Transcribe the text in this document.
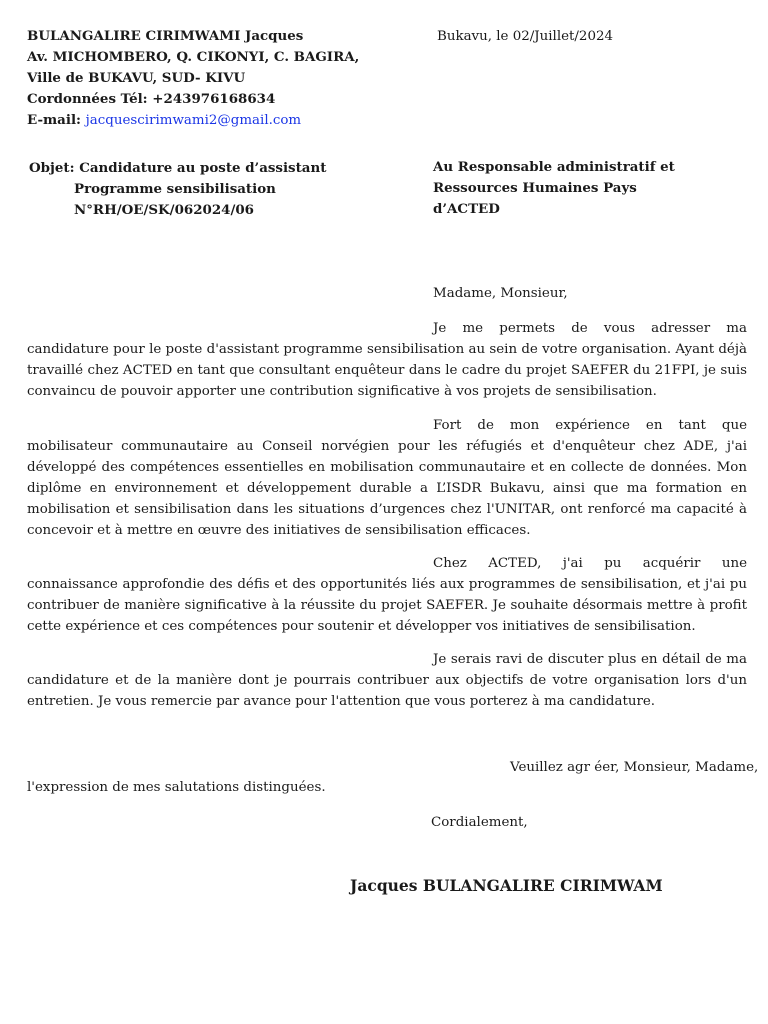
BULANGALIRE CIRIMWAMI Jacques
Av. MICHOMBERO, Q. CIKONYI, C. BAGIRA,
Ville de BUKAVU, SUD- KIVU
Cordonnées Tél: +243976168634
E-mail: jacquescirimwami2@gmail.com
Bukavu, le 02/Juillet/2024
Objet: Candidature au poste d’assistant
Programme sensibilisation
N°RH/OE/SK/062024/06
Au Responsable administratif et
Ressources Humaines Pays
d’ACTED
Madame, Monsieur,

Je me permets de vous adresser ma candidature pour le poste d'assistant programme sensibilisation au sein de votre organisation. Ayant déjà travaillé chez ACTED en tant que consultant enquêteur dans le cadre du projet SAEFER du 21FPI, je suis convaincu de pouvoir apporter une contribution significative à vos projets de sensibilisation.

Fort de mon expérience en tant que mobilisateur communautaire au Conseil norvégien pour les réfugiés et d'enquêteur chez ADE, j'ai développé des compétences essentielles en mobilisation communautaire et en collecte de données. Mon diplôme en environnement et développement durable a L’ISDR Bukavu, ainsi que ma formation en mobilisation et sensibilisation dans les situations d’urgences chez l'UNITAR, ont renforcé ma capacité à concevoir et à mettre en œuvre des initiatives de sensibilisation efficaces.

Chez ACTED, j'ai pu acquérir une connaissance approfondie des défis et des opportunités liés aux programmes de sensibilisation, et j'ai pu contribuer de manière significative à la réussite du projet SAEFER. Je souhaite désormais mettre à profit cette expérience et ces compétences pour soutenir et développer vos initiatives de sensibilisation.

Je serais ravi de discuter plus en détail de ma candidature et de la manière dont je pourrais contribuer aux objectifs de votre organisation lors d'un entretien. Je vous remercie par avance pour l'attention que vous porterez à ma candidature.

Veuillez agr éer, Monsieur, Madame,
l'expression de mes salutations distinguées.
Cordialement,
Jacques BULANGALIRE CIRIMWAM
